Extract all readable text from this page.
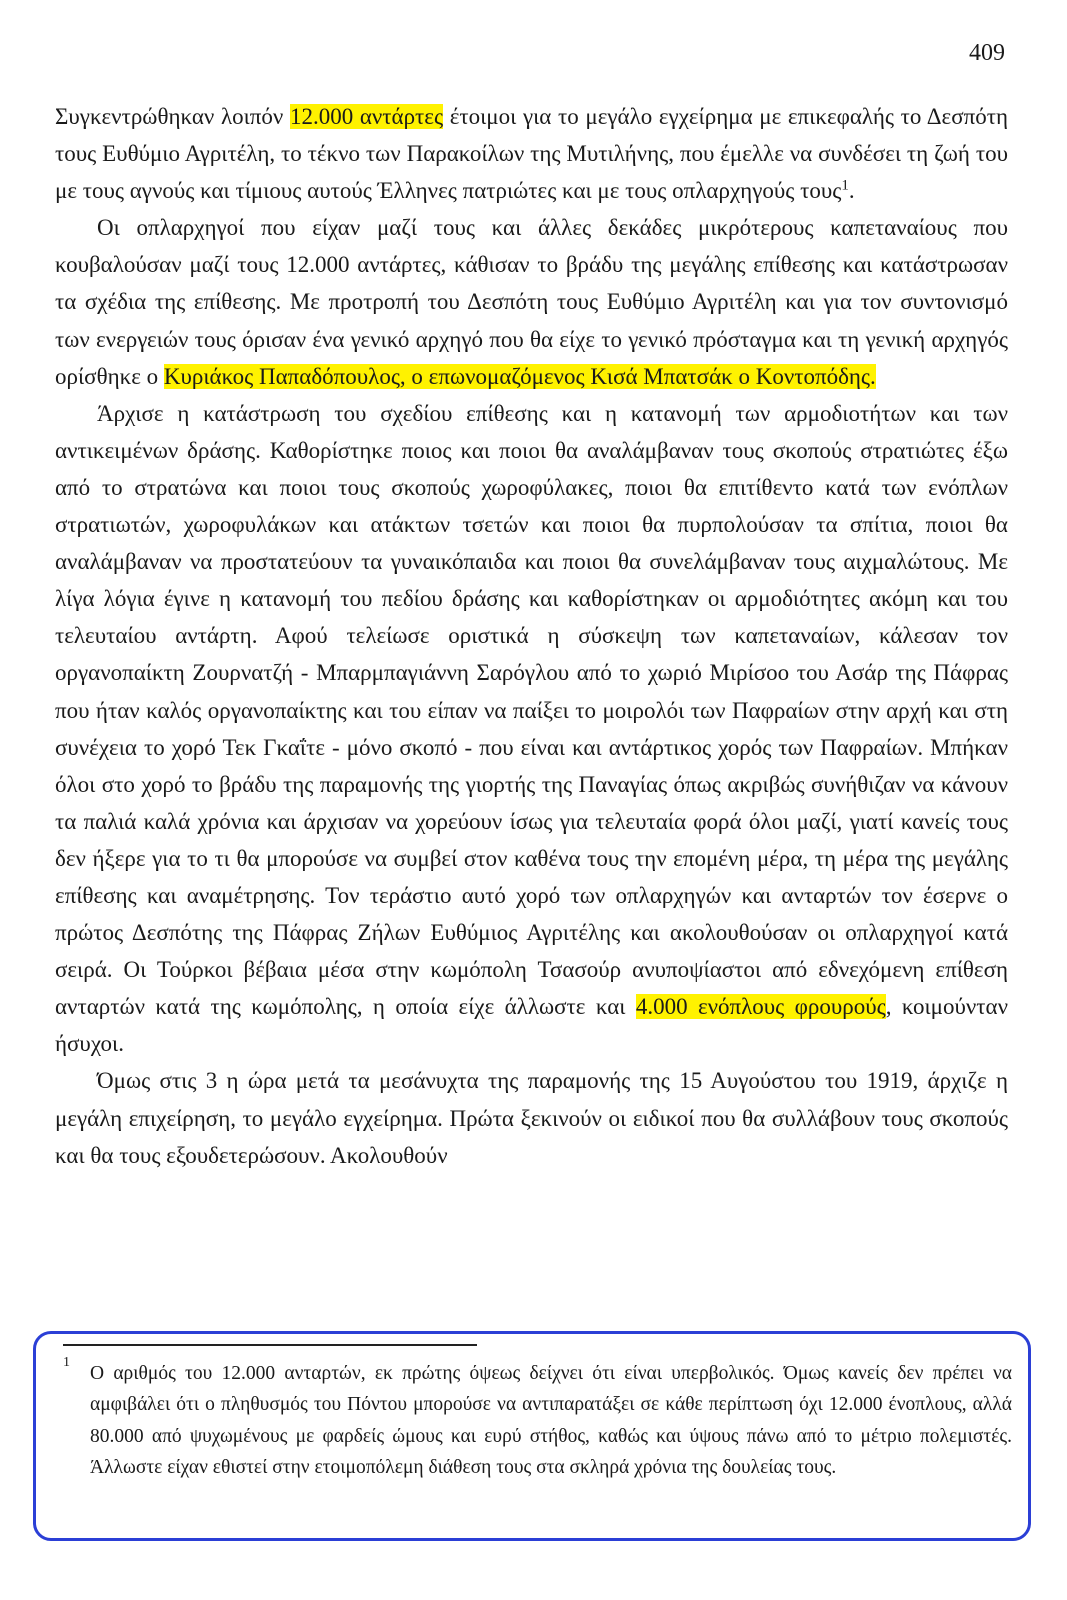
409

Συγκεντρώθηκαν λοιπόν 12.000 αντάρτες έτοιμοι για το μεγάλο εγχείρημα με επικεφαλής το Δεσπότη τους Ευθύμιο Αγριτέλη, το τέκνο των Παρακοίλων της Μυτιλήνης, που έμελλε να συνδέσει τη ζωή του με τους αγνούς και τίμιους αυτούς Έλληνες πατριώτες και με τους οπλαρχηγούς τους$^1$.

Οι οπλαρχηγοί που είχαν μαζί τους και άλλες δεκάδες μικρότερους καπεταναίους που κουβαλούσαν μαζί τους 12.000 αντάρτες, κάθισαν το βράδυ της μεγάλης επίθεσης και κατάστρωσαν τα σχέδια της επίθεσης. Με προτροπή του Δεσπότη τους Ευθύμιο Αγριτέλη και για τον συντονισμό των ενεργειών τους όρισαν ένα γενικό αρχηγό που θα είχε το γενικό πρόσταγμα και τη γενική αρχηγός ορίσθηκε ο Κυριάκος Παπαδόπουλος, ο επωνομαζόμενος Κισά Μπατσάκ ο Κοντοπόδης.

Άρχισε η κατάστρωση του σχεδίου επίθεσης και η κατανομή των αρμοδιοτήτων και των αντικειμένων δράσης. Καθορίστηκε ποιος και ποιοι θα αναλάμβαναν τους σκοπούς στρατιώτες έξω από το στρατώνα και ποιοι τους σκοπούς χωροφύλακες, ποιοι θα επιτίθεντο κατά των ενόπλων στρατιωτών, χωροφυλάκων και ατάκτων τσετών και ποιοι θα πυρπολούσαν τα σπίτια, ποιοι θα αναλάμβαναν να προστατεύουν τα γυναικόπαιδα και ποιοι θα συνελάμβαναν τους αιχμαλώτους. Με λίγα λόγια έγινε η κατανομή του πεδίου δράσης και καθορίστηκαν οι αρμοδιότητες ακόμη και του τελευταίου αντάρτη. Αφού τελείωσε οριστικά η σύσκεψη των καπεταναίων, κάλεσαν τον οργανοπαίκτη Ζουρνατζή - Μπαρμπαγιάννη Σαρόγλου από το χωριό Μιρίσοο του Ασάρ της Πάφρας που ήταν καλός οργανοπαίκτης και του είπαν να παίξει το μοιρολόι των Παφραίων στην αρχή και στη συνέχεια το χορό Τεκ Γκαΐτε - μόνο σκοπό - που είναι και αντάρτικος χορός των Παφραίων. Μπήκαν όλοι στο χορό το βράδυ της παραμονής της γιορτής της Παναγίας όπως ακριβώς συνήθιζαν να κάνουν τα παλιά καλά χρόνια και άρχισαν να χορεύουν ίσως για τελευταία φορά όλοι μαζί, γιατί κανείς τους δεν ήξερε για το τι θα μπορούσε να συμβεί στον καθένα τους την επομένη μέρα, τη μέρα της μεγάλης επίθεσης και αναμέτρησης. Τον τεράστιο αυτό χορό των οπλαρχηγών και ανταρτών τον έσερνε ο πρώτος Δεσπότης της Πάφρας Ζήλων Ευθύμιος Αγριτέλης και ακολουθούσαν οι οπλαρχηγοί κατά σειρά. Οι Τούρκοι βέβαια μέσα στην κωμόπολη Τσασούρ ανυποψίαστοι από εδνεχόμενη επίθεση ανταρτών κατά της κωμόπολης, η οποία είχε άλλωστε και 4.000 ενόπλους φρουρούς, κοιμούνταν ήσυχοι.

Όμως στις 3 η ώρα μετά τα μεσάνυχτα της παραμονής της 15 Αυγούστου του 1919, άρχιζε η μεγάλη επιχείρηση, το μεγάλο εγχείρημα. Πρώτα ξεκινούν οι ειδικοί που θα συλλάβουν τους σκοπούς και θα τους εξουδετερώσουν. Ακολουθούν

1
Ο αριθμός του 12.000 ανταρτών, εκ πρώτης όψεως δείχνει ότι είναι υπερβολικός. Όμως κανείς δεν πρέπει να αμφιβάλει ότι ο πληθυσμός του Πόντου μπορούσε να αντιπαρατάξει σε κάθε περίπτωση όχι 12.000 ένοπλους, αλλά 80.000 από ψυχωμένους με φαρδείς ώμους και ευρύ στήθος, καθώς και ύψους πάνω από το μέτριο πολεμιστές. Άλλωστε είχαν εθιστεί στην ετοιμοπόλεμη διάθεση τους στα σκληρά χρόνια της δουλείας τους.
